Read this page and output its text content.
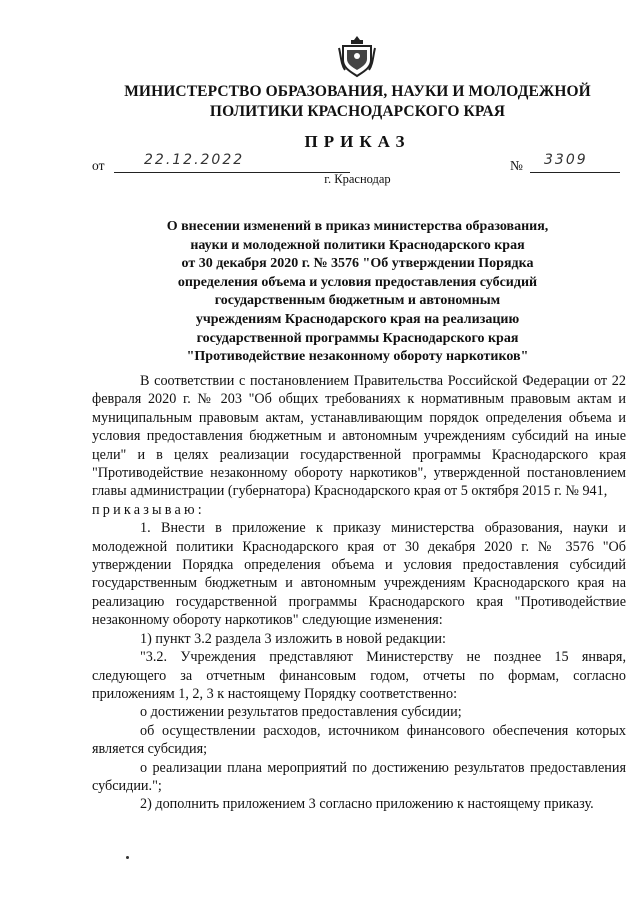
МИНИСТЕРСТВО ОБРАЗОВАНИЯ, НАУКИ И МОЛОДЕЖНОЙ
ПОЛИТИКИ КРАСНОДАРСКОГО КРАЯ
ПРИКАЗ
от	22.12.2022	№ 3309
г. Краснодар
О внесении изменений в приказ министерства образования,
науки и молодежной политики Краснодарского края
от 30 декабря 2020 г. № 3576 "Об утверждении Порядка
определения объема и условия предоставления субсидий
государственным бюджетным и автономным
учреждениям Краснодарского края на реализацию
государственной программы Краснодарского края
"Противодействие незаконному обороту наркотиков"

В соответствии с постановлением Правительства Российской Федерации от 22 февраля 2020 г. № 203 "Об общих требованиях к нормативным правовым актам и муниципальным правовым актам, устанавливающим порядок определения объема и условия предоставления бюджетным и автономным учреждениям субсидий на иные цели" и в целях реализации государственной программы Краснодарского края "Противодействие незаконному обороту наркотиков", утвержденной постановлением главы администрации (губернатора) Краснодарского края от 5 октября 2015 г. № 941,

приказываю:

1. Внести в приложение к приказу министерства образования, науки и молодежной политики Краснодарского края от 30 декабря 2020 г. № 3576 "Об утверждении Порядка определения объема и условия предоставления субсидий государственным бюджетным и автономным учреждениям Краснодарского края на реализацию государственной программы Краснодарского края "Противодействие незаконному обороту наркотиков" следующие изменения:

1) пункт 3.2 раздела 3 изложить в новой редакции:

"3.2. Учреждения представляют Министерству не позднее 15 января, следующего за отчетным финансовым годом, отчеты по формам, согласно приложениям 1, 2, 3 к настоящему Порядку соответственно:

о достижении результатов предоставления субсидии;

об осуществлении расходов, источником финансового обеспечения которых является субсидия;

о реализации плана мероприятий по достижению результатов предоставления субсидии.";

2) дополнить приложением 3 согласно приложению к настоящему приказу.
